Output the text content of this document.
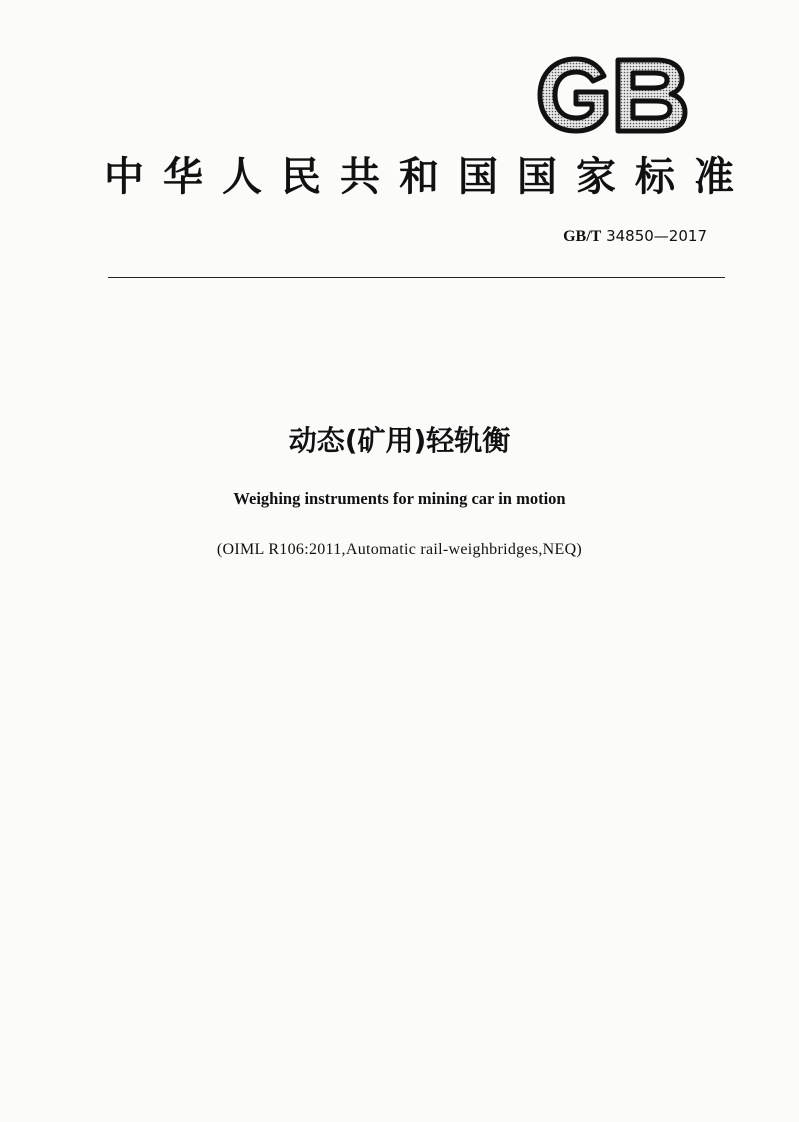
中 华 人 民 共 和 国 国 家 标 准
GB/T 34850—2017
动态(矿用)轻轨衡
Weighing instruments for mining car in motion
(OIML R106:2011,Automatic rail-weighbridges,NEQ)
